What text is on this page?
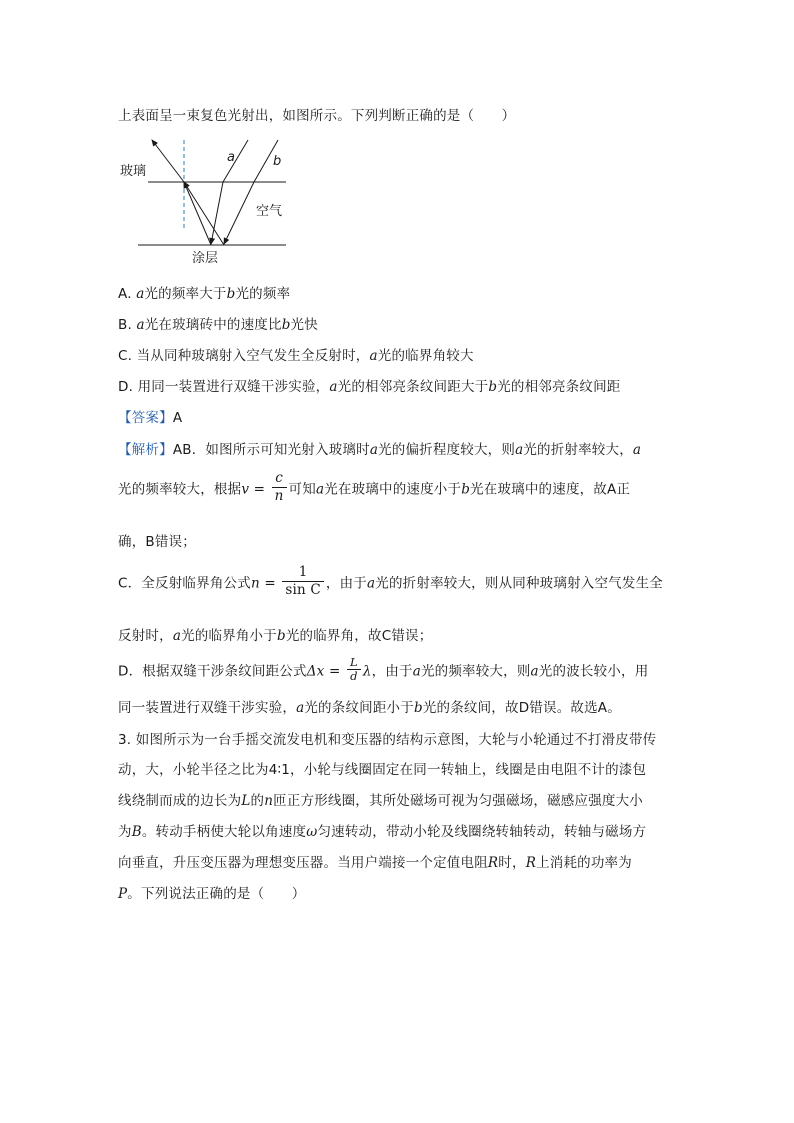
上表面呈一束复色光射出，如图所示。下列判断正确的是（　　）
玻璃
空气
涂层
a	b
A. a光的频率大于b光的频率
B. a光在玻璃砖中的速度比b光快
C. 当从同种玻璃射入空气发生全反射时，a光的临界角较大
D. 用同一装置进行双缝干涉实验，a光的相邻亮条纹间距大于b光的相邻亮条纹间距
【答案】A
【解析】AB．如图所示可知光射入玻璃时a光的偏折程度较大，则a光的折射率较大，a
光的频率较大，根据$v = \frac{c}{n}$ 可知a光在玻璃中的速度小于b光在玻璃中的速度，故A正
确，B错误；
C．全反射临界角公式$n = \frac{1}{\text{sin C}}$ ，由于a光的折射率较大，则从同种玻璃射入空气发生全
反射时，a光的临界角小于b光的临界角，故C错误；
D．根据双缝干涉条纹间距公式$\Delta x = \frac{L}{d}$ λ，由于a光的频率较大，则a光的波长较小，用
同一装置进行双缝干涉实验，a光的条纹间距小于b光的条纹间，故D错误。故选A。
3. 如图所示为一台手摇交流发电机和变压器的结构示意图，大轮与小轮通过不打滑皮带传
动，大，小轮半径之比为4∶1，小轮与线圈固定在同一转轴上，线圈是由电阻不计的漆包
线绕制而成的边长为L的n匝正方形线圈，其所处磁场可视为匀强磁场，磁感应强度大小
为B。转动手柄使大轮以角速度ω匀速转动，带动小轮及线圈绕转轴转动，转轴与磁场方
向垂直，升压变压器为理想变压器。当用户端接一个定值电阻R时，R上消耗的功率为
P。下列说法正确的是（　　）
